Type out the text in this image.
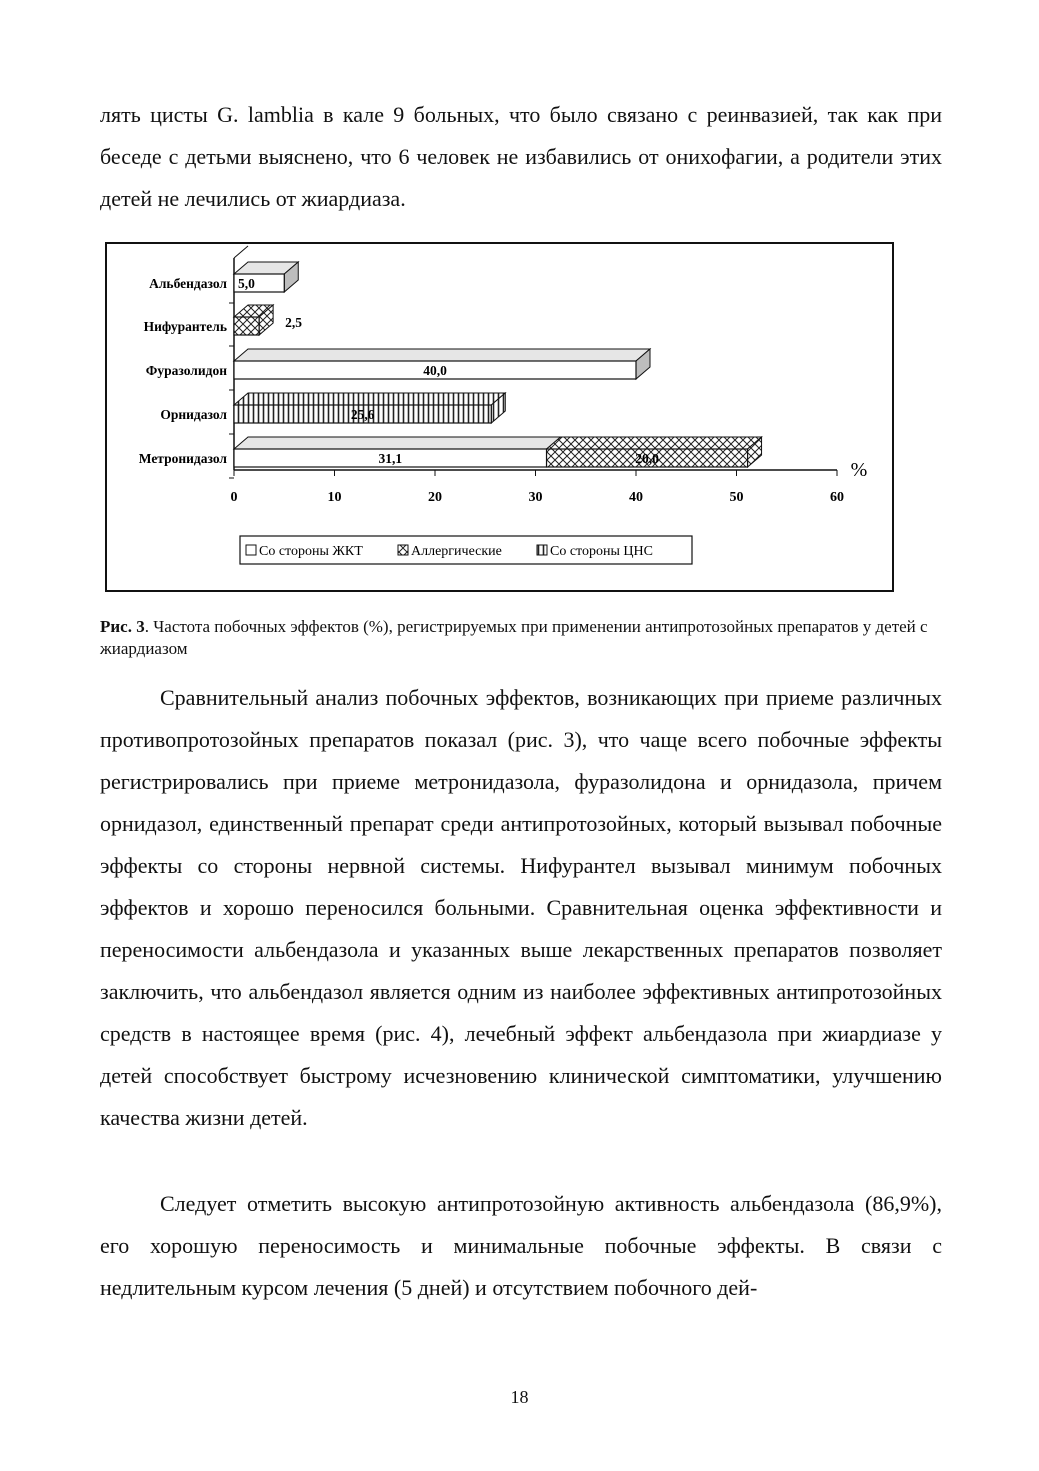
лять цисты G. lamblia в кале 9 больных, что было связано с реинвазией, так как при беседе с детьми выяснено, что 6 человек не избавились от онихофагии, а родители этих детей не лечились от жиардиаза.
0	10	20	30	40	50	60
Альбендазол
Нифурантель
Фуразолидон
Орнидазол
Метронидазол
5,0
2,5
40,0
25,6
31,1	20,0
%
Со стороны ЖКТ	Аллергические	Со стороны ЦНС
Рис. 3. Частота побочных эффектов (%), регистрируемых при применении антипротозойных препаратов у детей с жиардиазом
Сравнительный анализ побочных эффектов, возникающих при приеме различных противопротозойных препаратов показал (рис. 3), что чаще всего побочные эффекты регистрировались при приеме метронидазола, фуразолидона и орнидазола, причем орнидазол, единственный препарат среди антипротозойных, который вызывал побочные эффекты со стороны нервной системы. Нифурантел вызывал минимум побочных эффектов и хорошо переносился больными. Сравнительная оценка эффективности и переносимости альбендазола и указанных выше лекарственных препаратов позволяет заключить, что альбендазол является одним из наиболее эффективных антипротозойных средств в настоящее время (рис. 4), лечебный эффект альбендазола при жиардиазе у детей способствует быстрому исчезновению клинической симптоматики, улучшению качества жизни детей.
Следует отметить высокую антипротозойную активность альбендазола (86,9%), его хорошую переносимость и минимальные побочные эффекты. В связи с недлительным курсом лечения (5 дней) и отсутствием побочного дей-
18
